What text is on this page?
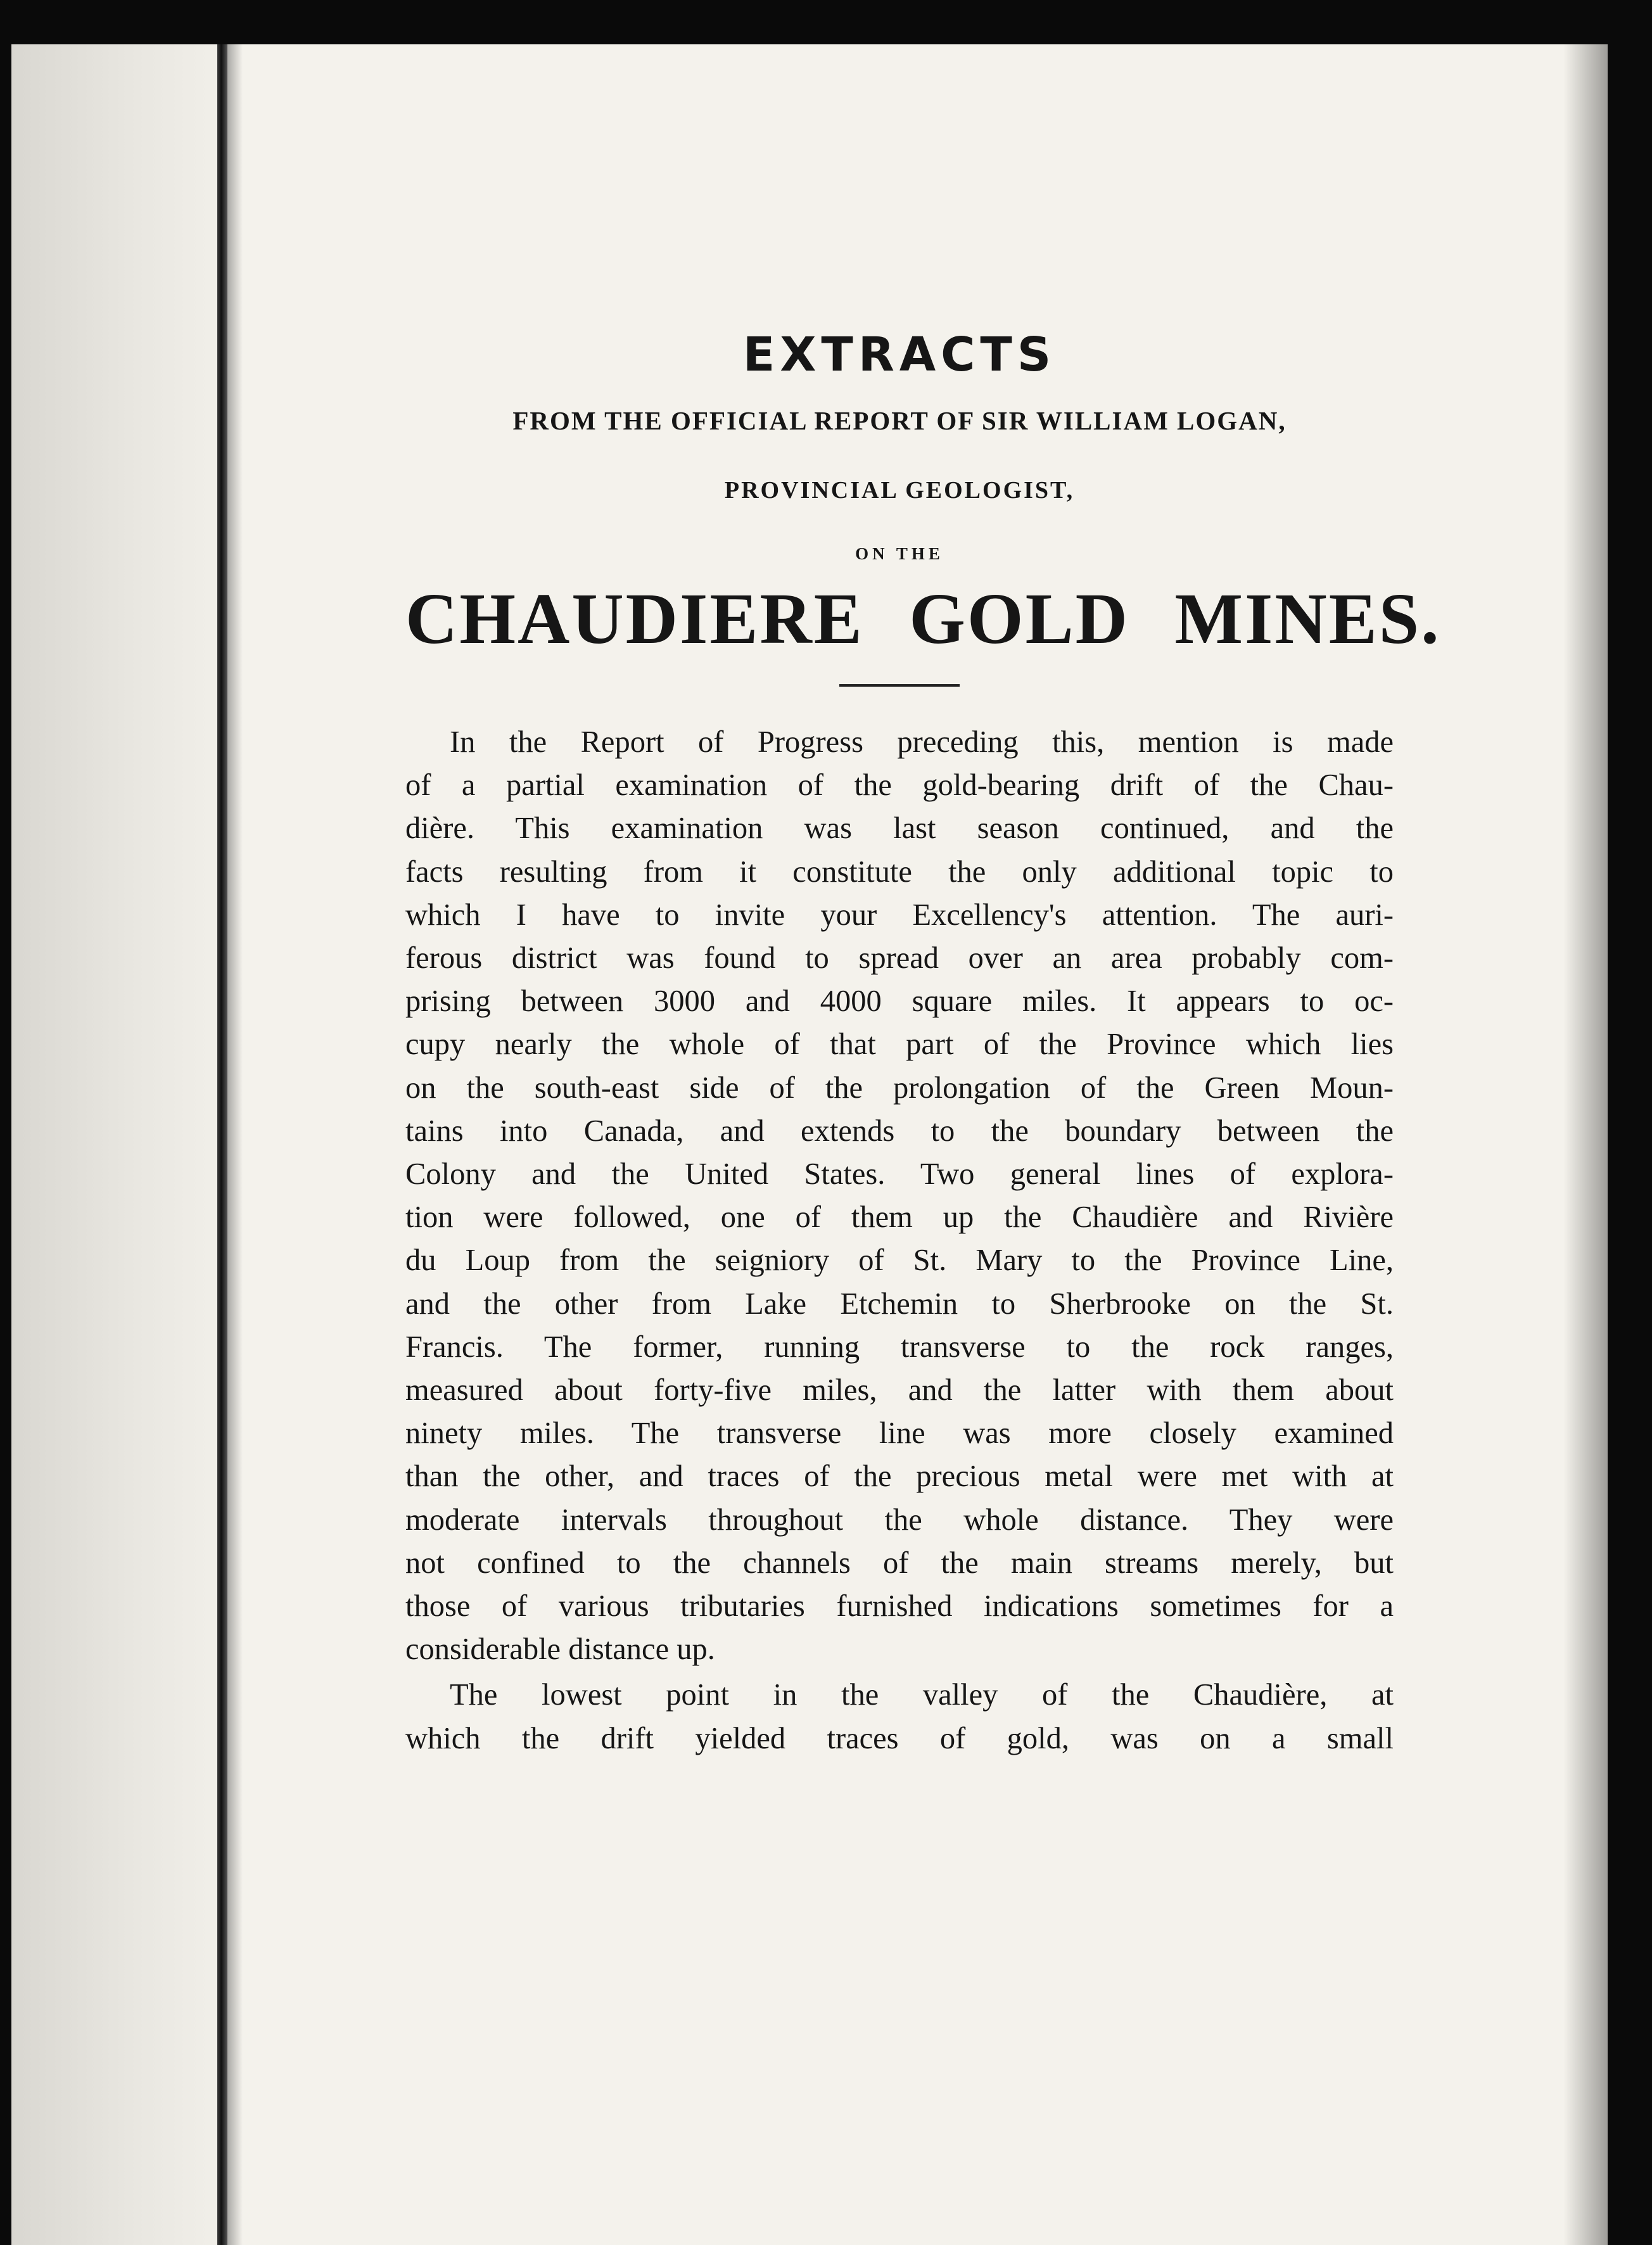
EXTRACTS
FROM THE OFFICIAL REPORT OF SIR WILLIAM LOGAN,
PROVINCIAL GEOLOGIST,
ON THE
CHAUDIERE GOLD MINES.
In the Report of Progress preceding this, mention is made
of a partial examination of the gold-bearing drift of the Chau-
dière. This examination was last season continued, and the
facts resulting from it constitute the only additional topic to
which I have to invite your Excellency's attention. The auri-
ferous district was found to spread over an area probably com-
prising between 3000 and 4000 square miles. It appears to oc-
cupy nearly the whole of that part of the Province which lies
on the south-east side of the prolongation of the Green Moun-
tains into Canada, and extends to the boundary between the
Colony and the United States. Two general lines of explora-
tion were followed, one of them up the Chaudière and Rivière
du Loup from the seigniory of St. Mary to the Province Line,
and the other from Lake Etchemin to Sherbrooke on the St.
Francis. The former, running transverse to the rock ranges,
measured about forty-five miles, and the latter with them about
ninety miles. The transverse line was more closely examined
than the other, and traces of the precious metal were met with at
moderate intervals throughout the whole distance. They were
not confined to the channels of the main streams merely, but
those of various tributaries furnished indications sometimes for a
considerable distance up.
The lowest point in the valley of the Chaudière, at
which the drift yielded traces of gold, was on a small
